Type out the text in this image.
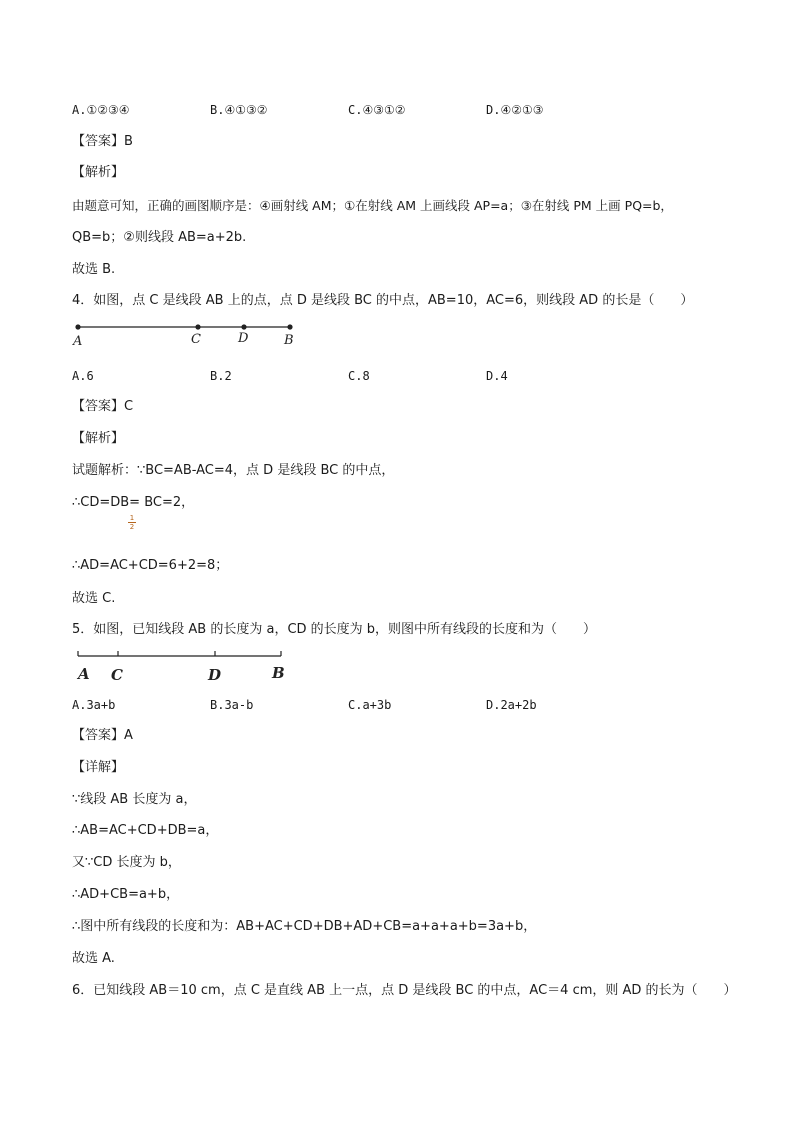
A.①②③④	B.④①③②	C.④③①②	D.④②①③
【答案】B
【解析】
由题意可知，正确的画图顺序是：④画射线 AM；①在射线 AM 上画线段 AP=a；③在射线 PM 上画 PQ=b，
QB=b；②则线段 AB=a+2b.
故选 B.
4．如图，点 C 是线段 AB 上的点，点 D 是线段 BC 的中点，AB=10，AC=6，则线段 AD 的长是（　　）
A	C	D	B
A.6	B.2	C.8	D.4
【答案】C
【解析】
试题解析：∵BC=AB-AC=4，点 D 是线段 BC 的中点，
∴CD=DB= BC=2，
$\frac{1}{2}$
∴AD=AC+CD=6+2=8；
故选 C.
5．如图，已知线段 AB 的长度为 a，CD 的长度为 b，则图中所有线段的长度和为（　　）
A C	D	B
A.3a+b	B.3a-b	C.a+3b	D.2a+2b
【答案】A
【详解】
∵线段 AB 长度为 a，
∴AB=AC+CD+DB=a，
又∵CD 长度为 b，
∴AD+CB=a+b，
∴图中所有线段的长度和为：AB+AC+CD+DB+AD+CB=a+a+a+b=3a+b，
故选 A.
6．已知线段 AB＝10 cm，点 C 是直线 AB 上一点，点 D 是线段 BC 的中点，AC＝4 cm，则 AD 的长为（　　）
